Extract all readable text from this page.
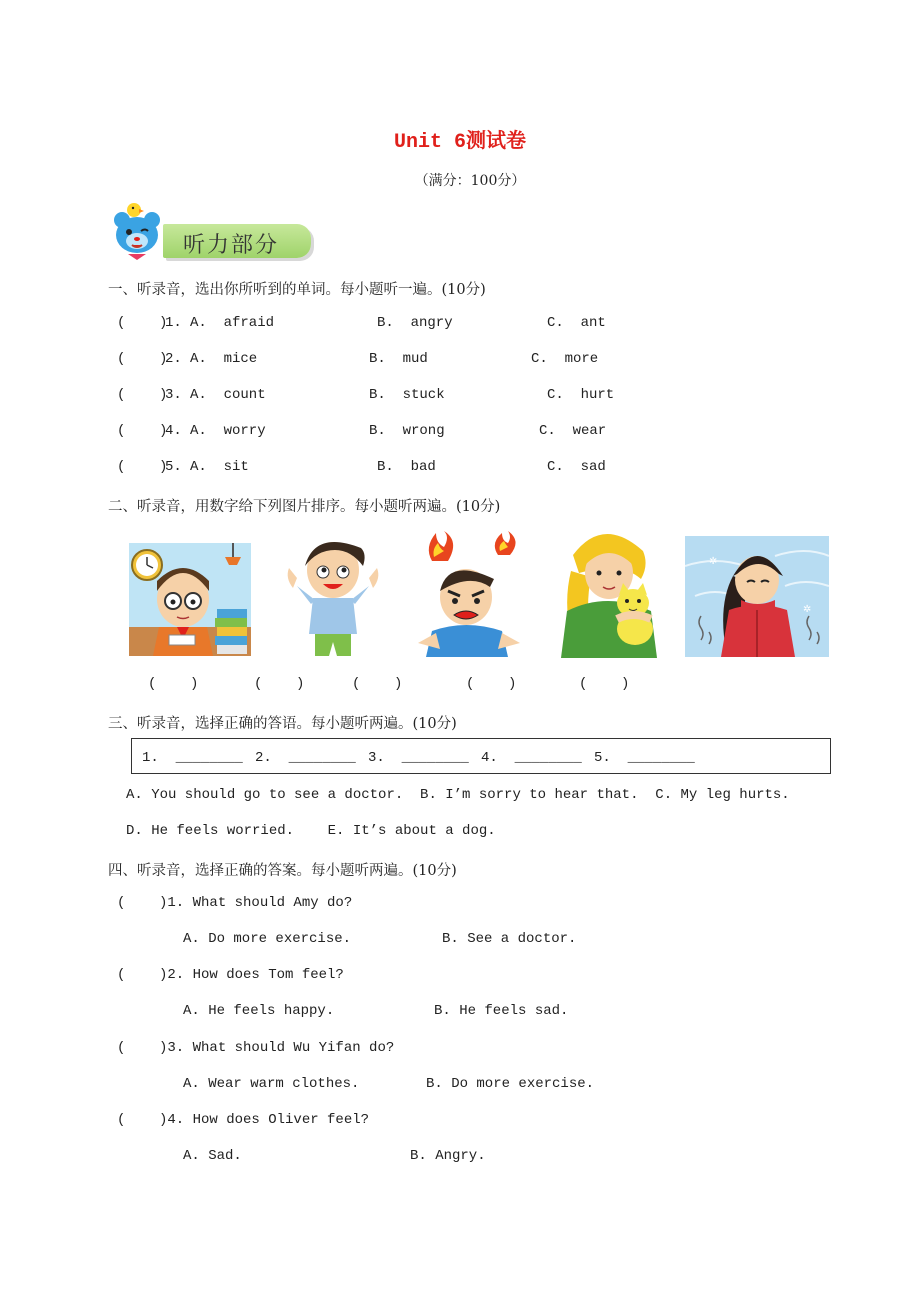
Unit 6测试卷
（满分：100分）
听力部分
一、听录音，选出你所听到的单词。每小题听一遍。(10分)
(    )
1. A.  afraid	B.  angry	C.  ant
(    )
2. A.  mice	B.  mud	C.  more
(    )
3. A.  count	B.  stuck	C.  hurt
(    )
4. A.  worry	B.  wrong	C.  wear
(    )
5. A.  sit	B.  bad	C.  sad
二、听录音，用数字给下列图片排序。每小题听两遍。(10分)
✲
✲
(    )	(    )	(    )	(    )	(    )
三、听录音，选择正确的答语。每小题听两遍。(10分)
1.  ________ 2.  ________ 3.  ________ 4.  ________ 5.  ________
A. You should go to see a doctor.  B. I’m sorry to hear that.  C. My leg hurts.
D. He feels worried.    E. It’s about a dog.
四、听录音，选择正确的答案。每小题听两遍。(10分)
(    )1. What should Amy do?
A. Do more exercise.	B. See a doctor.
(    )2. How does Tom feel?
A. He feels happy.	B. He feels sad.
(    )3. What should Wu Yifan do?
A. Wear warm clothes.	B. Do more exercise.
(    )4. How does Oliver feel?
A. Sad.	B. Angry.
